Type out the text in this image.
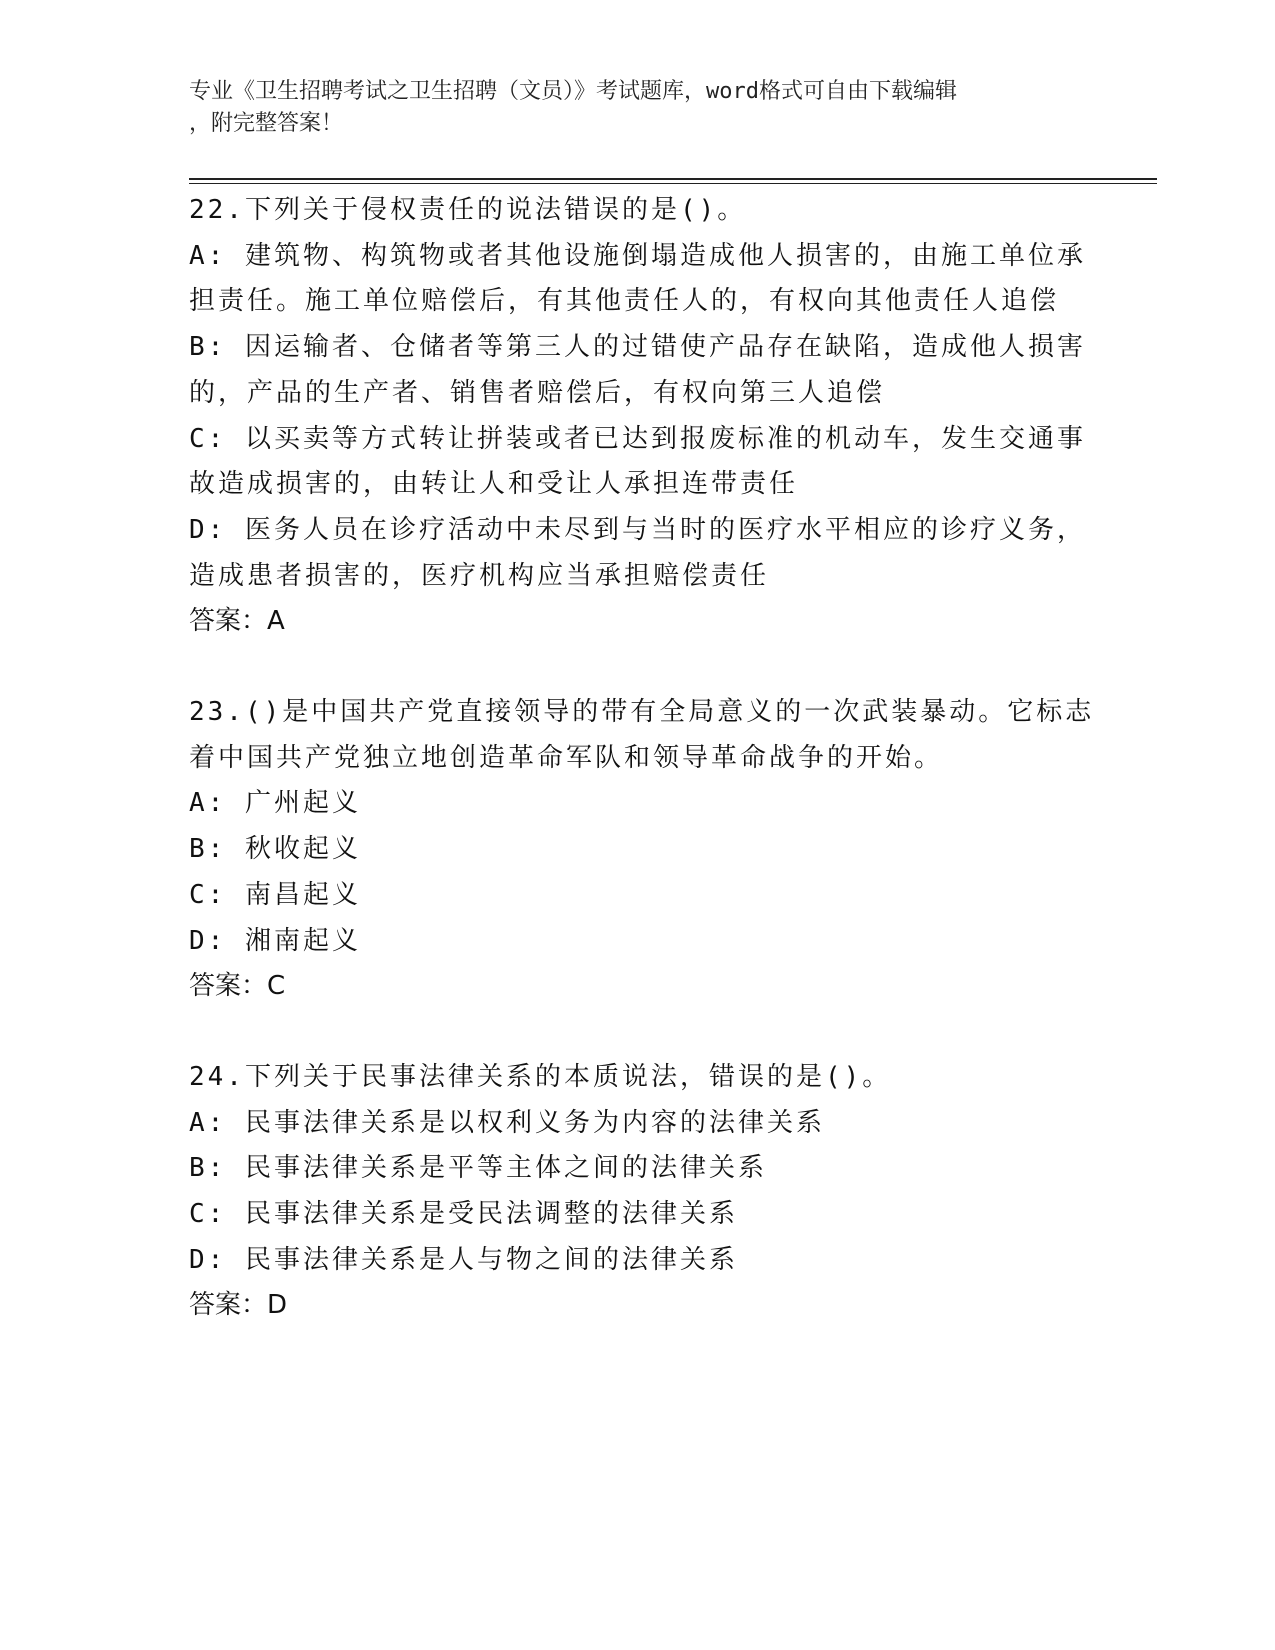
专业《卫生招聘考试之卫生招聘（文员）》考试题库，word格式可自由下载编辑
，附完整答案！
22.下列关于侵权责任的说法错误的是()。
A: 建筑物、构筑物或者其他设施倒塌造成他人损害的，由施工单位承
担责任。施工单位赔偿后，有其他责任人的，有权向其他责任人追偿
B: 因运输者、仓储者等第三人的过错使产品存在缺陷，造成他人损害
的，产品的生产者、销售者赔偿后，有权向第三人追偿
C: 以买卖等方式转让拼装或者已达到报废标准的机动车，发生交通事
故造成损害的，由转让人和受让人承担连带责任
D: 医务人员在诊疗活动中未尽到与当时的医疗水平相应的诊疗义务，
造成患者损害的，医疗机构应当承担赔偿责任
答案：A
23.()是中国共产党直接领导的带有全局意义的一次武装暴动。它标志
着中国共产党独立地创造革命军队和领导革命战争的开始。
A: 广州起义
B: 秋收起义
C: 南昌起义
D: 湘南起义
答案：C
24.下列关于民事法律关系的本质说法，错误的是()。
A: 民事法律关系是以权利义务为内容的法律关系
B: 民事法律关系是平等主体之间的法律关系
C: 民事法律关系是受民法调整的法律关系
D: 民事法律关系是人与物之间的法律关系
答案：D
